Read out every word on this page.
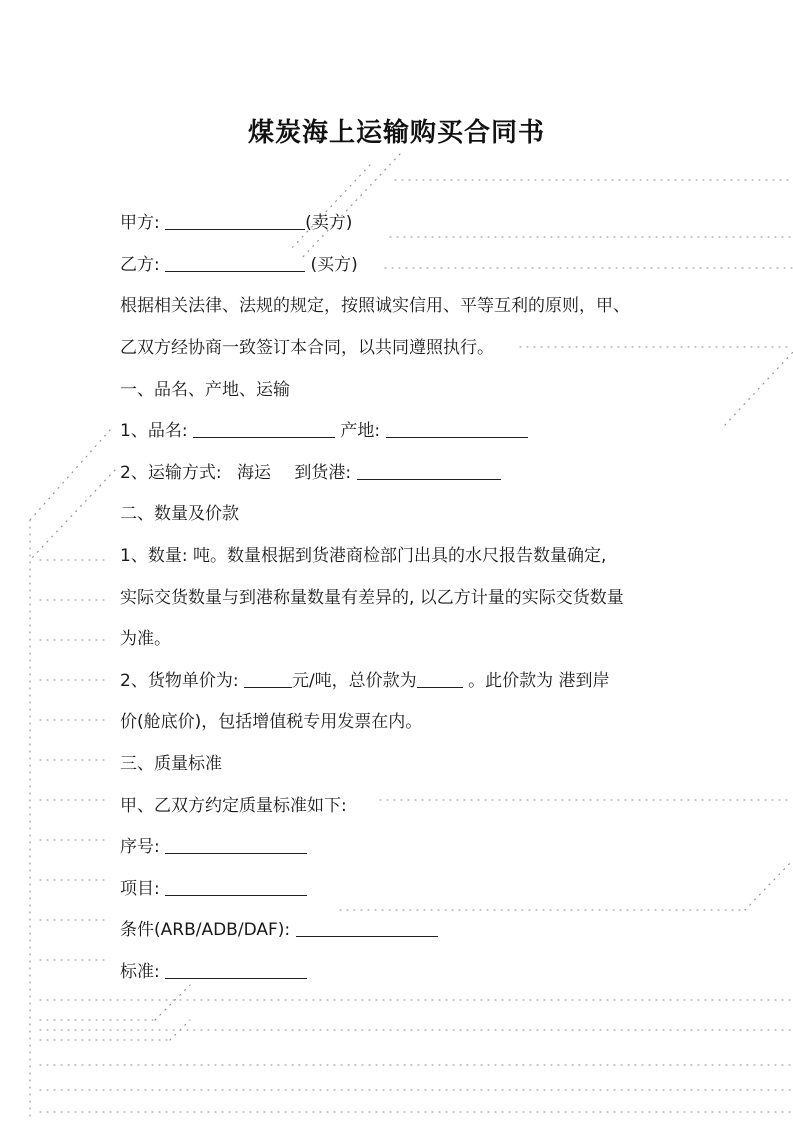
煤炭海上运输购买合同书
甲方:	(卖方)
乙方:	(买方)
根据相关法律、法规的规定，按照诚实信用、平等互利的原则，甲、
乙双方经协商一致签订本合同，以共同遵照执行。
一、品名、产地、运输
1、品名:	产地:
2、运输方式: 海运 到货港:
二、数量及价款
1、数量: 吨。数量根据到货港商检部门出具的水尺报告数量确定,
实际交货数量与到港称量数量有差异的, 以乙方计量的实际交货数量
为准。
2、货物单价为:	元/吨，总价款为	。此价款为 港到岸
价(舱底价)，包括增值税专用发票在内。
三、质量标准
甲、乙双方约定质量标准如下:
序号:
项目:
条件(ARB/ADB/DAF):
标准:
